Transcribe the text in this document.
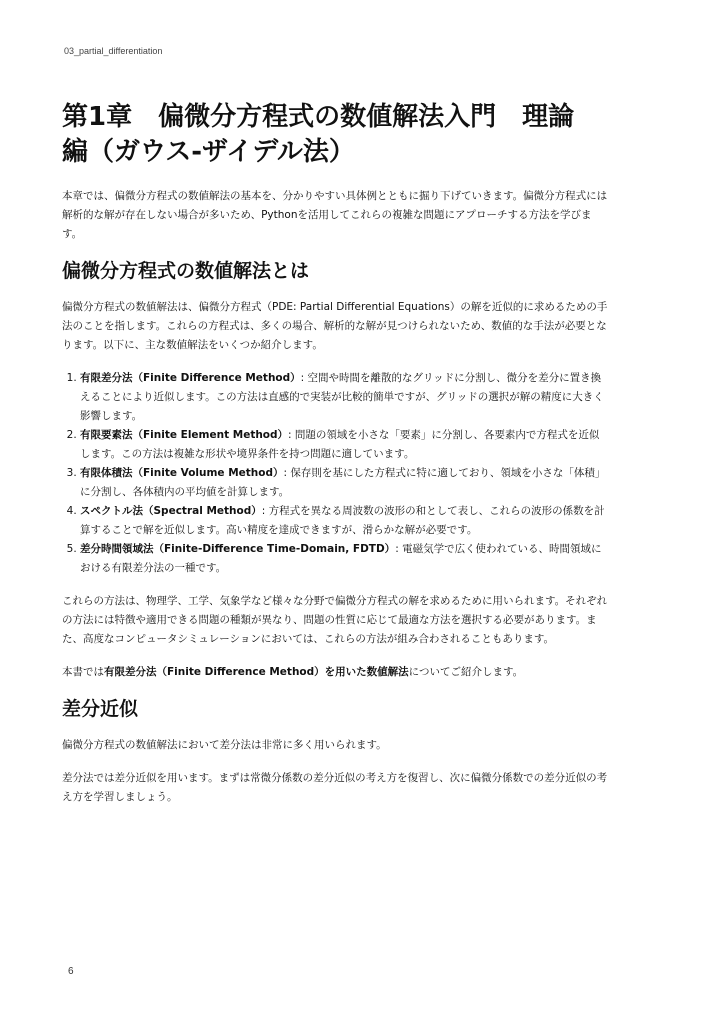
03_partial_differentiation
第1章　偏微分方程式の数値解法入門　理論
編（ガウス-ザイデル法）

本章では、偏微分方程式の数値解法の基本を、分かりやすい具体例とともに掘り下げていきます。偏微分方程式には解析的な解が存在しない場合が多いため、Pythonを活用してこれらの複雑な問題にアプローチする方法を学びます。

偏微分方程式の数値解法とは

偏微分方程式の数値解法は、偏微分方程式（PDE: Partial Differential Equations）の解を近似的に求めるための手法のことを指します。これらの方程式は、多くの場合、解析的な解が見つけられないため、数値的な手法が必要となります。以下に、主な数値解法をいくつか紹介します。

1. 有限差分法（Finite Difference Method）: 空間や時間を離散的なグリッドに分割し、微分を差分に置き換えることにより近似します。この方法は直感的で実装が比較的簡単ですが、グリッドの選択が解の精度に大きく影響します。
2. 有限要素法（Finite Element Method）: 問題の領域を小さな「要素」に分割し、各要素内で方程式を近似します。この方法は複雑な形状や境界条件を持つ問題に適しています。
3. 有限体積法（Finite Volume Method）: 保存則を基にした方程式に特に適しており、領域を小さな「体積」に分割し、各体積内の平均値を計算します。
4. スペクトル法（Spectral Method）: 方程式を異なる周波数の波形の和として表し、これらの波形の係数を計算することで解を近似します。高い精度を達成できますが、滑らかな解が必要です。
5. 差分時間領域法（Finite-Difference Time-Domain, FDTD）: 電磁気学で広く使われている、時間領域における有限差分法の一種です。

これらの方法は、物理学、工学、気象学など様々な分野で偏微分方程式の解を求めるために用いられます。それぞれの方法には特徴や適用できる問題の種類が異なり、問題の性質に応じて最適な方法を選択する必要があります。また、高度なコンピュータシミュレーションにおいては、これらの方法が組み合わされることもあります。

本書では有限差分法（Finite Difference Method）を用いた数値解法についてご紹介します。

差分近似

偏微分方程式の数値解法において差分法は非常に多く用いられます。

差分法では差分近似を用います。まずは常微分係数の差分近似の考え方を復習し、次に偏微分係数での差分近似の考え方を学習しましょう。

6
